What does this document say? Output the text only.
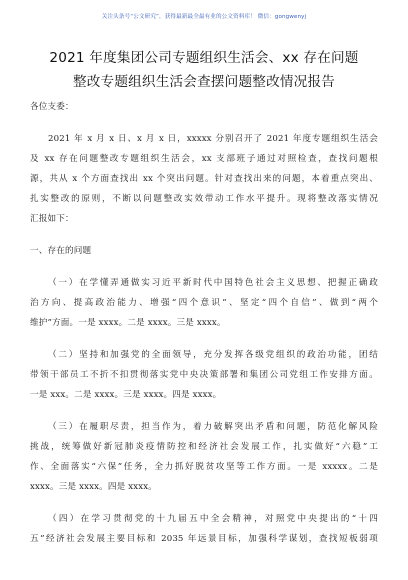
关注头条号“公文研究”，获得最新最全最有业的公文资料库！ 微信：gongwenyj
2021 年度集团公司专题组织生活会、xx 存在问题
整改专题组织生活会查摆问题整改情况报告
各位支委：
2021 年 x 月 x 日、x 月 x 日，xxxxx 分别召开了 2021 年度专题组织生活会
及 xx 存在问题整改专题组织生活会，xx 支部班子通过对照检查，查找问题根
源，共从 x 个方面查找出 xx 个突出问题。针对查找出来的问题，本着重点突出、
扎实整改的原则，不断以问题整改实效带动工作水平提升。现将整改落实情况
汇报如下：
一、存在的问题
（一）在学懂弄通做实习近平新时代中国特色社会主义思想、把握正确政
治方向、提高政治能力、增强“四个意识”、坚定“四个自信”、做到“两个
维护”方面。一是 xxxx。二是 xxxx。三是 xxxx。
（二）坚持和加强党的全面领导，充分发挥各级党组织的政治功能，团结
带领干部员工不折不扣贯彻落实党中央决策部署和集团公司党组工作安排方面。
一是 xxx。二是 xxxx。三是 xxxx。四是 xxxx。
（三）在履职尽责，担当作为，着力破解突出矛盾和问题，防范化解风险
挑战，统筹做好新冠肺炎疫情防控和经济社会发展工作，扎实做好“六稳”工
作、全面落实“六保”任务，全力抓好脱贫攻坚等工作方面。一是 xxxxx。二是
xxxx。三是 xxxx。四是 xxxx。
（四）在学习贯彻党的十九届五中全会精神，对照党中央提出的“十四
五”经济社会发展主要目标和 2035 年远景目标，加强科学谋划，查找短板弱项
